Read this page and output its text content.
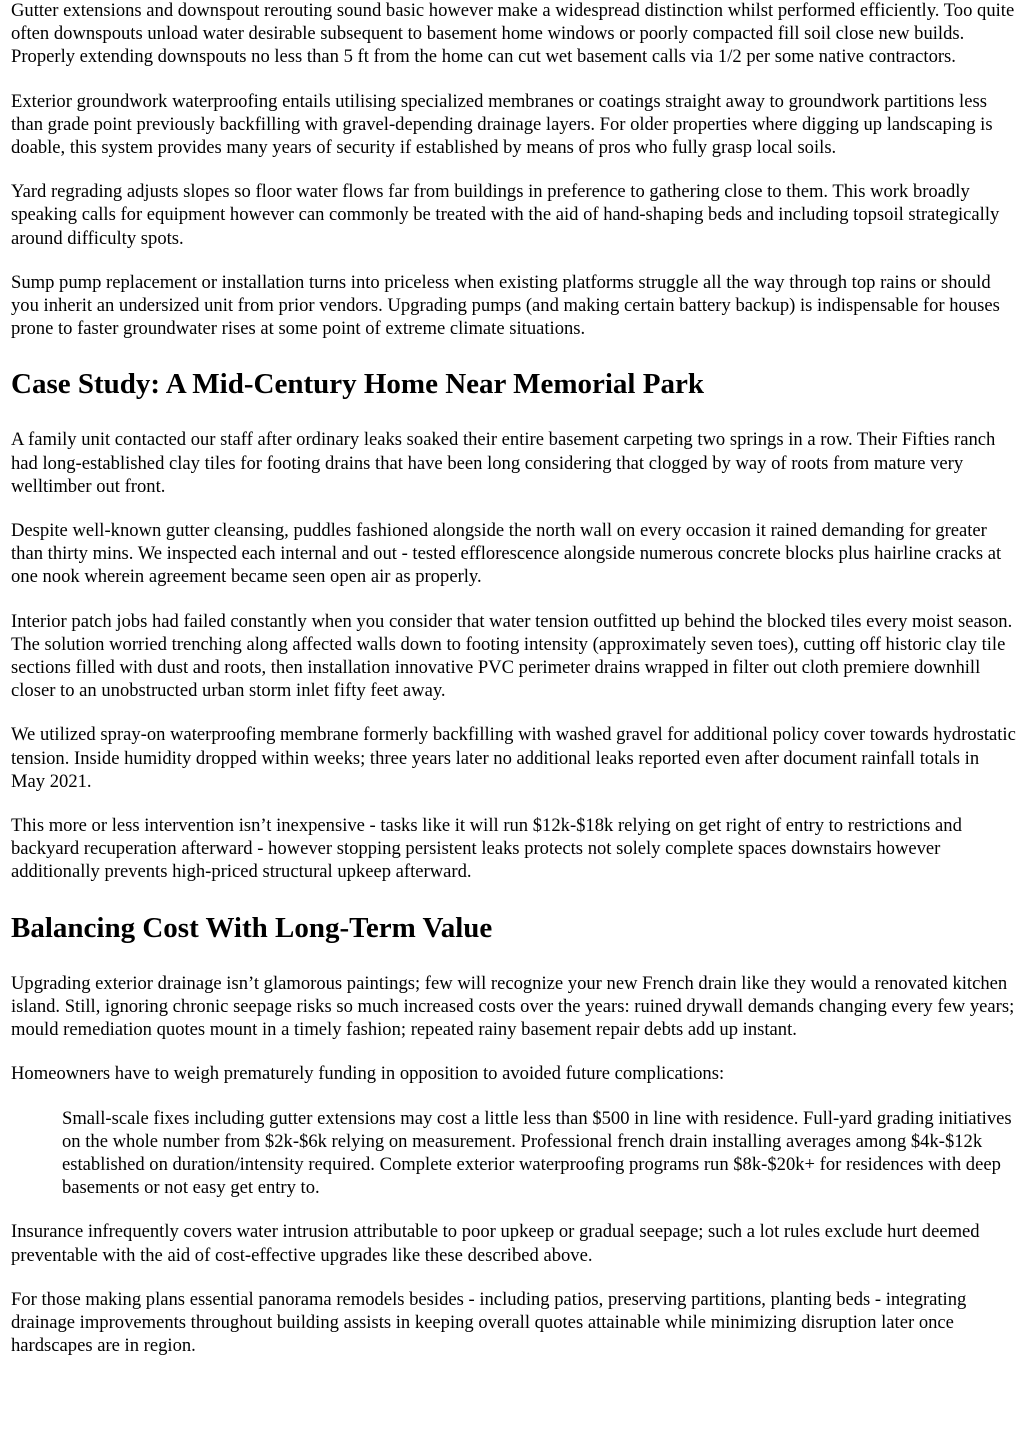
Gutter extensions and downspout rerouting sound basic however make a widespread distinction whilst performed efficiently. Too quite often downspouts unload water desirable subsequent to basement home windows or poorly compacted fill soil close new builds. Properly extending downspouts no less than 5 ft from the home can cut wet basement calls via 1/2 per some native contractors.

Exterior groundwork waterproofing entails utilising specialized membranes or coatings straight away to groundwork partitions less than grade point previously backfilling with gravel-depending drainage layers. For older properties where digging up landscaping is doable, this system provides many years of security if established by means of pros who fully grasp local soils.

Yard regrading adjusts slopes so floor water flows far from buildings in preference to gathering close to them. This work broadly speaking calls for equipment however can commonly be treated with the aid of hand-shaping beds and including topsoil strategically around difficulty spots.

Sump pump replacement or installation turns into priceless when existing platforms struggle all the way through top rains or should you inherit an undersized unit from prior vendors. Upgrading pumps (and making certain battery backup) is indispensable for houses prone to faster groundwater rises at some point of extreme climate situations.

Case Study: A Mid-Century Home Near Memorial Park

A family unit contacted our staff after ordinary leaks soaked their entire basement carpeting two springs in a row. Their Fifties ranch had long-established clay tiles for footing drains that have been long considering that clogged by way of roots from mature very welltimber out front.

Despite well-known gutter cleansing, puddles fashioned alongside the north wall on every occasion it rained demanding for greater than thirty mins. We inspected each internal and out - tested efflorescence alongside numerous concrete blocks plus hairline cracks at one nook wherein agreement became seen open air as properly.

Interior patch jobs had failed constantly when you consider that water tension outfitted up behind the blocked tiles every moist season. The solution worried trenching along affected walls down to footing intensity (approximately seven toes), cutting off historic clay tile sections filled with dust and roots, then installation innovative PVC perimeter drains wrapped in filter out cloth premiere downhill closer to an unobstructed urban storm inlet fifty feet away.

We utilized spray-on waterproofing membrane formerly backfilling with washed gravel for additional policy cover towards hydrostatic tension. Inside humidity dropped within weeks; three years later no additional leaks reported even after document rainfall totals in May 2021.

This more or less intervention isn’t inexpensive - tasks like it will run $12k-$18k relying on get right of entry to restrictions and backyard recuperation afterward - however stopping persistent leaks protects not solely complete spaces downstairs however additionally prevents high-priced structural upkeep afterward.

Balancing Cost With Long-Term Value

Upgrading exterior drainage isn’t glamorous paintings; few will recognize your new French drain like they would a renovated kitchen island. Still, ignoring chronic seepage risks so much increased costs over the years: ruined drywall demands changing every few years; mould remediation quotes mount in a timely fashion; repeated rainy basement repair debts add up instant.

Homeowners have to weigh prematurely funding in opposition to avoided future complications:

Small-scale fixes including gutter extensions may cost a little less than $500 in line with residence. Full-yard grading initiatives on the whole number from $2k-$6k relying on measurement. Professional french drain installing averages among $4k-$12k established on duration/intensity required. Complete exterior waterproofing programs run $8k-$20k+ for residences with deep basements or not easy get entry to.

Insurance infrequently covers water intrusion attributable to poor upkeep or gradual seepage; such a lot rules exclude hurt deemed preventable with the aid of cost-effective upgrades like these described above.

For those making plans essential panorama remodels besides - including patios, preserving partitions, planting beds - integrating drainage improvements throughout building assists in keeping overall quotes attainable while minimizing disruption later once hardscapes are in region.
